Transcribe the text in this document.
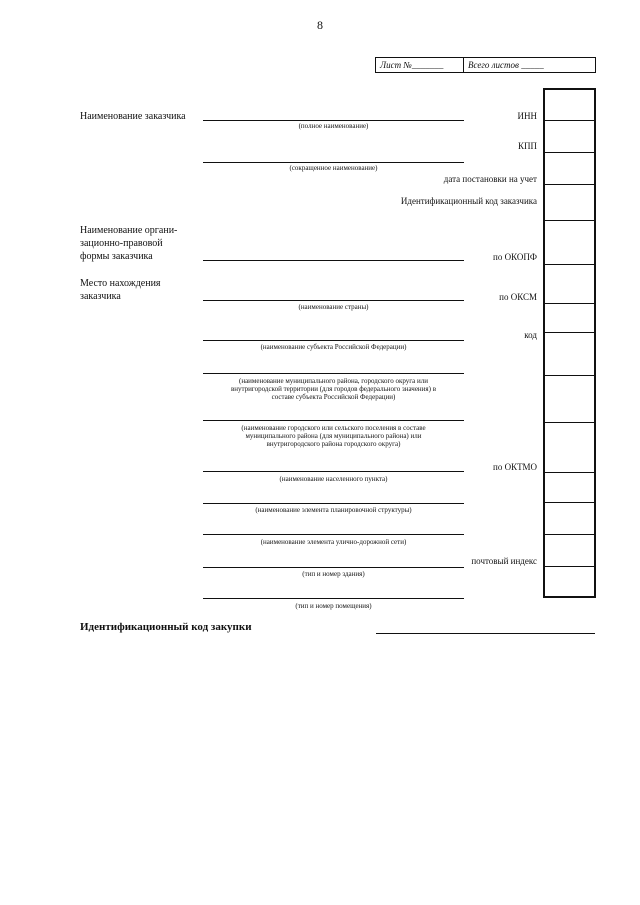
8
Лист №_______	Всего листов _____
Наименование заказчика
Наименование органи-
зационно-правовой
формы заказчика
Место нахождения
заказчика
(полное наименование)
(сокращенное наименование)
(наименование страны)
(наименование субъекта Российской Федерации)
(наименование муниципального района, городского округа или
внутригородской территории (для городов федерального значения) в
составе субъекта Российской Федерации)
(наименование городского или сельского поселения в составе
муниципального района (для муниципального района) или
внутригородского района городского округа)
(наименование населенного пункта)
(наименование элемента планировочной структуры)
(наименование элемента улично-дорожной сети)
(тип и номер здания)
(тип и номер помещения)
ИНН
КПП
дата постановки на учет
Идентификационный код заказчика
по ОКОПФ
по ОКСМ
код
по ОКТМО
почтовый индекс
Идентификационный код закупки
